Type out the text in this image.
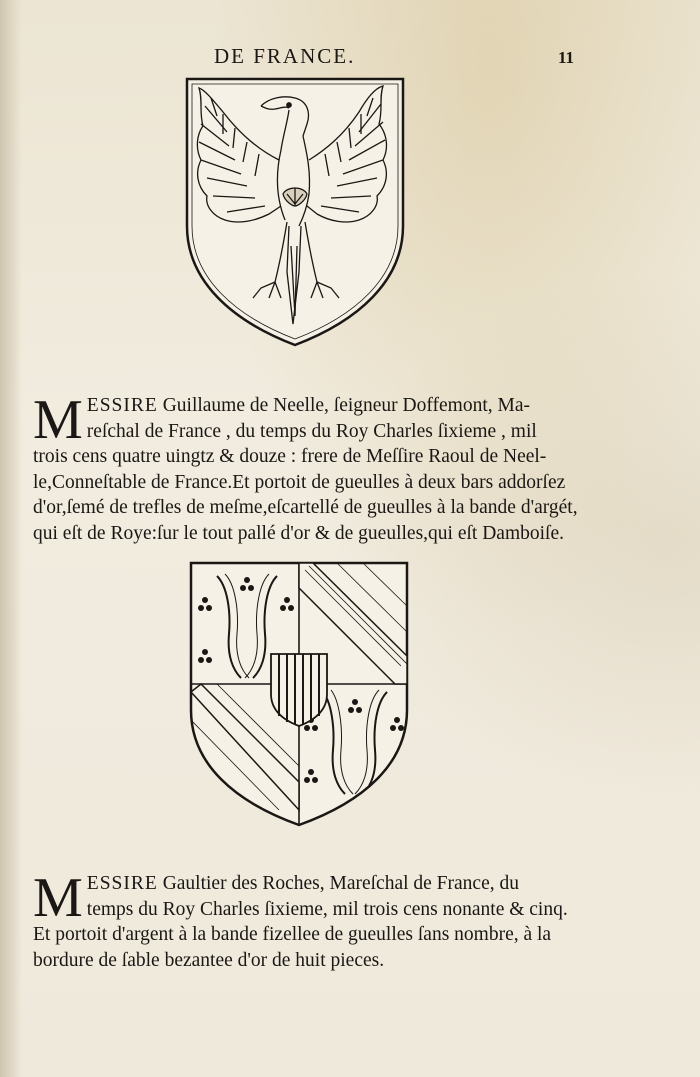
DE FRANCE.	11
M ESSIRE Guillaume de Neelle, ſeigneur Doffemont, Ma-
reſchal de France , du temps du Roy Charles ſixieme , mil
trois cens quatre uingtz & douze : frere de Meſſire Raoul de Neel-
le,Conneſtable de France.Et portoit de gueulles à deux bars addorſez
d'or,ſemé de trefles de meſme,eſcartellé de gueulles à la bande d'argét,
qui eſt de Roye:ſur le tout pallé d'or & de gueulles,qui eſt Damboiſe.
M ESSIRE Gaultier des Roches, Mareſchal de France, du
temps du Roy Charles ſixieme, mil trois cens nonante & cinq.
Et portoit d'argent à la bande fizellee de gueulles ſans nombre, à la
bordure de ſable bezantee d'or de huit pieces.
